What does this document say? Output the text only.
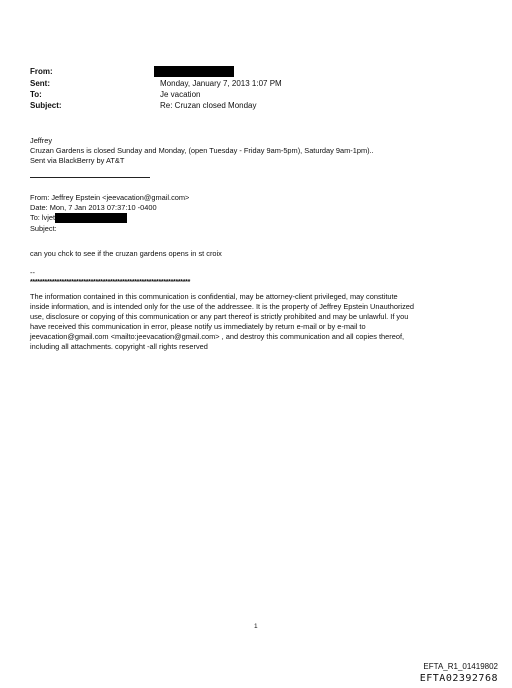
From:
Sent:	Monday, January 7, 2013 1:07 PM
To:	Je vacation
Subject:	Re: Cruzan closed Monday
Jeffrey
Cruzan Gardens is closed Sunday and Monday, (open Tuesday - Friday 9am-5pm), Saturday 9am-1pm)..
Sent via BlackBerry by AT&T
From: Jeffrey Epstein <jeevacation@gmail.com>
Date: Mon, 7 Jan 2013 07:37:10 -0400
To: lvjet
Subject:
can you chck to see if the cruzan gardens opens in st croix
--
******************************************************************
The information contained in this communication is confidential, may be attorney-client privileged, may constitute
inside information, and is intended only for the use of the addressee. It is the property of Jeffrey Epstein Unauthorized
use, disclosure or copying of this communication or any part thereof is strictly prohibited and may be unlawful. If you
have received this communication in error, please notify us immediately by return e-mail or by e-mail to
jeevacation@gmail.com <mailto:jeevacation@gmail.com> , and destroy this communication and all copies thereof,
including all attachments. copyright -all rights reserved
1
EFTA_R1_01419802
EFTA02392768
